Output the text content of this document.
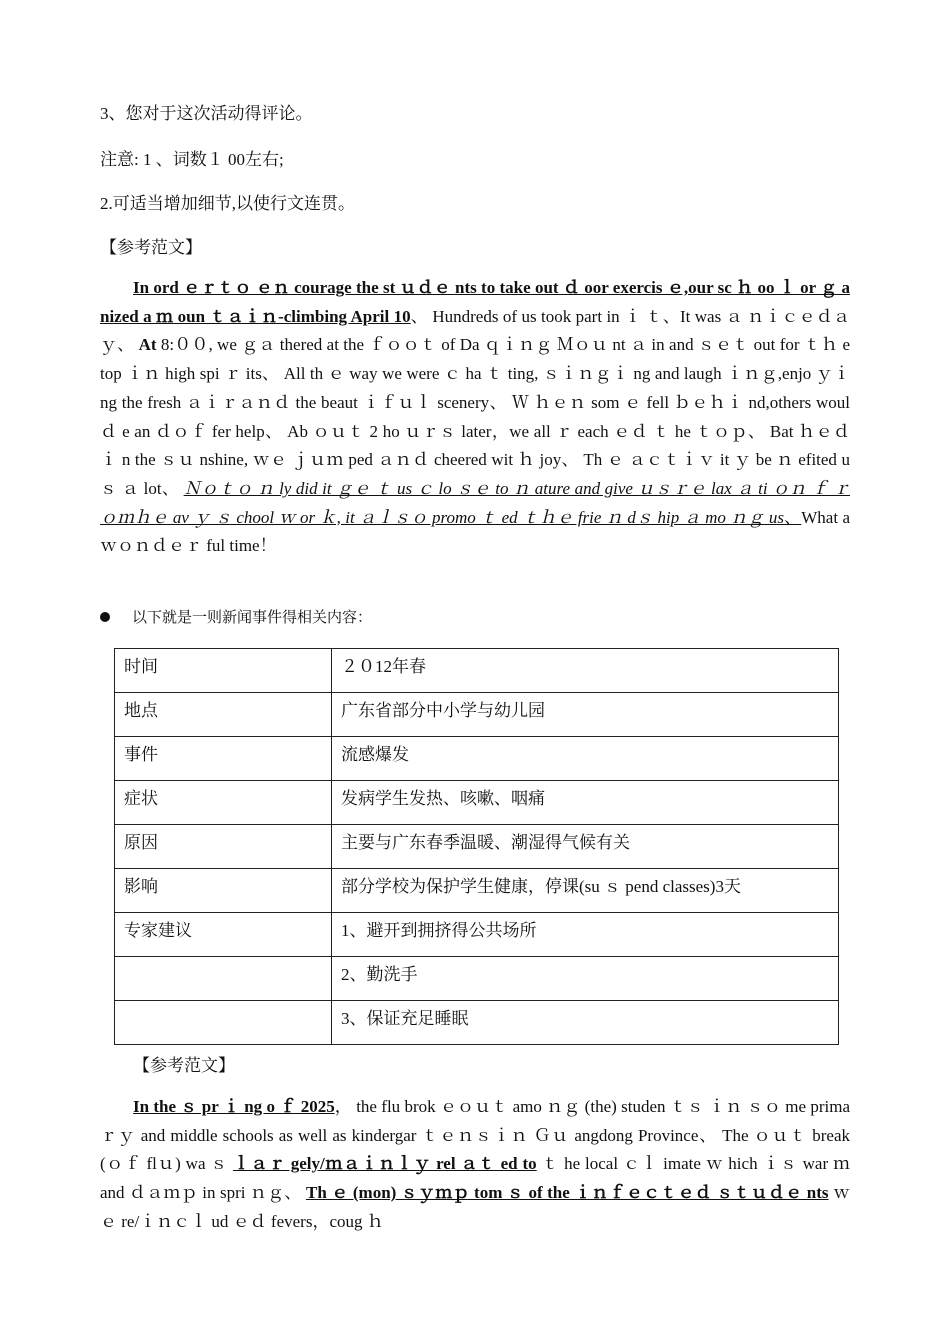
3、您对于这次活动得评论。
注意: 1 、词数１ 00左右;
2.可适当增加细节,以使行文连贯。
【参考范文】

In ord ｅｒｔｏ ｅｎ courage the st ｕｄｅ nts to take out ｄ oor exercis ｅ,our sc ｈ oo ｌ or ｇ a nized a ｍ oun ｔａｉｎ-climbing April 10、 Hundreds of us took part in ｉ ｔ、It was ａ ｎｉｃｅｄａｙ、 At 8:００, we ｇａ thered at the ｆｏｏｔ of Da ｑｉｎｇ Ｍｏｕ nt ａ in and ｓｅｔ out for ｔｈ e top ｉｎ high spi ｒ its、 All th ｅ way we were ｃ ha ｔ ting, ｓｉｎｇｉ ng and laugh ｉｎｇ,enjo ｙｉ ng the fresh ａｉｒａｎｄ the beaut ｉｆｕｌ scenery、 Ｗ ｈｅｎ som ｅ fell ｂｅｈｉ nd,others woul ｄ e an ｄｏｆ fer help、 Ab ｏｕｔ 2 ho ｕｒｓ later，we all ｒ each ｅｄ ｔ he ｔｏｐ、 Bat ｈｅｄ ｉ n the ｓｕ nshine, ｗｅ ｊｕｍ ped ａｎｄ cheered wit ｈ joy、 Th ｅ ａｃｔｉｖ it ｙ be ｎ efited u ｓ ａ lot、 Ｎｏｔｏ ｎ ly did it ｇｅ ｔ us ｃ lo ｓｅ to ｎ ature and give ｕｓｒｅ lax ａ ti ｏｎ ｆ ｒｏｍｈｅ av ｙ ｓ chool ｗ or ｋ, it ａｌｓｏ promo ｔ ed ｔｈｅ frie ｎ dｓ hip ａ mo ｎｇ us、What a ｗｏｎｄｅｒ ful time！

以下就是一则新闻事件得相关内容：
时间	２０12年春
地点	广东省部分中小学与幼儿园
事件	流感爆发
症状	发病学生发热、咳嗽、咽痛
原因	主要与广东春季温暖、潮湿得气候有关
影响	部分学校为保护学生健康，停课(su ｓ pend classes)3天
专家建议	1、避开到拥挤得公共场所
	2、勤洗手
	3、保证充足睡眠
【参考范文】

In the ｓ pr ｉ ng o ｆ 2025， the flu brok ｅｏｕｔ amo ｎｇ (the) studen ｔｓ ｉｎ ｓｏ me prima ｒｙ and middle schools as well as kindergar ｔｅｎｓｉｎ Ｇｕ angdong Province、 The ｏｕｔ break (ｏｆ flｕ) wa ｓ ｌａｒ gely/ｍａｉｎｌｙ rel ａｔ ed to ｔ he local ｃｌ imate ｗ hich ｉｓ war ｍ and ｄａｍｐ in spri ｎｇ、 Th ｅ (mon) ｓｙｍｐ tom ｓ of the ｉｎｆｅｃｔｅｄ ｓｔｕｄｅ nts ｗｅ re/ｉｎｃｌ ud ｅｄ fevers，coug ｈ
